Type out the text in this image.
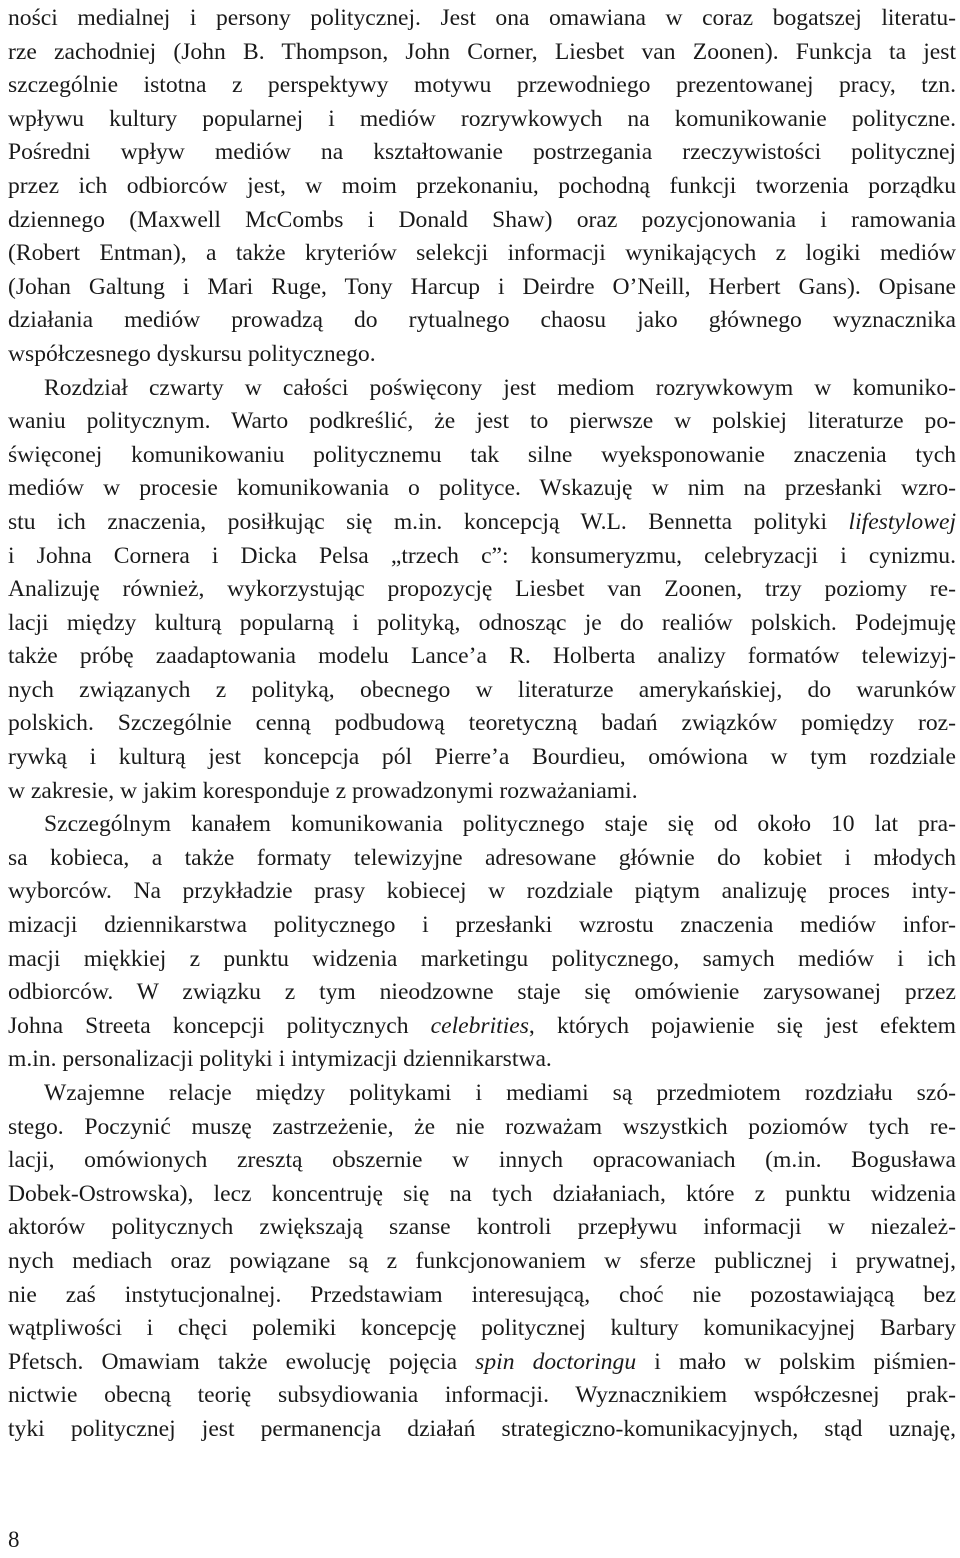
ności medialnej i persony politycznej. Jest ona omawiana w coraz bogatszej literatu-
rze zachodniej (John B. Thompson, John Corner, Liesbet van Zoonen). Funkcja ta jest
szczególnie istotna z perspektywy motywu przewodniego prezentowanej pracy, tzn.
wpływu kultury popularnej i mediów rozrywkowych na komunikowanie polityczne.
Pośredni wpływ mediów na kształtowanie postrzegania rzeczywistości politycznej
przez ich odbiorców jest, w moim przekonaniu, pochodną funkcji tworzenia porządku
dziennego (Maxwell McCombs i Donald Shaw) oraz pozycjonowania i ramowania
(Robert Entman), a także kryteriów selekcji informacji wynikających z logiki mediów
(Johan Galtung i Mari Ruge, Tony Harcup i Deirdre O’Neill, Herbert Gans). Opisane
działania mediów prowadzą do rytualnego chaosu jako głównego wyznacznika
współczesnego dyskursu politycznego.
Rozdział czwarty w całości poświęcony jest mediom rozrywkowym w komuniko-
waniu politycznym. Warto podkreślić, że jest to pierwsze w polskiej literaturze po-
święconej komunikowaniu politycznemu tak silne wyeksponowanie znaczenia tych
mediów w procesie komunikowania o polityce. Wskazuję w nim na przesłanki wzro-
stu ich znaczenia, posiłkując się m.in. koncepcją W.L. Bennetta polityki lifestylowej
i Johna Cornera i Dicka Pelsa „trzech c”: konsumeryzmu, celebryzacji i cynizmu.
Analizuję również, wykorzystując propozycję Liesbet van Zoonen, trzy poziomy re-
lacji między kulturą popularną i polityką, odnosząc je do realiów polskich. Podejmuję
także próbę zaadaptowania modelu Lance’a R. Holberta analizy formatów telewizyj-
nych związanych z polityką, obecnego w literaturze amerykańskiej, do warunków
polskich. Szczególnie cenną podbudową teoretyczną badań związków pomiędzy roz-
rywką i kulturą jest koncepcja pól Pierre’a Bourdieu, omówiona w tym rozdziale
w zakresie, w jakim koresponduje z prowadzonymi rozważaniami.
Szczególnym kanałem komunikowania politycznego staje się od około 10 lat pra-
sa kobieca, a także formaty telewizyjne adresowane głównie do kobiet i młodych
wyborców. Na przykładzie prasy kobiecej w rozdziale piątym analizuję proces inty-
mizacji dziennikarstwa politycznego i przesłanki wzrostu znaczenia mediów infor-
macji miękkiej z punktu widzenia marketingu politycznego, samych mediów i ich
odbiorców. W związku z tym nieodzowne staje się omówienie zarysowanej przez
Johna Streeta koncepcji politycznych celebrities, których pojawienie się jest efektem
m.in. personalizacji polityki i intymizacji dziennikarstwa.
Wzajemne relacje między politykami i mediami są przedmiotem rozdziału szó-
stego. Poczynić muszę zastrzeżenie, że nie rozważam wszystkich poziomów tych re-
lacji, omówionych zresztą obszernie w innych opracowaniach (m.in. Bogusława
Dobek-Ostrowska), lecz koncentruję się na tych działaniach, które z punktu widzenia
aktorów politycznych zwiększają szanse kontroli przepływu informacji w niezależ-
nych mediach oraz powiązane są z funkcjonowaniem w sferze publicznej i prywatnej,
nie zaś instytucjonalnej. Przedstawiam interesującą, choć nie pozostawiającą bez
wątpliwości i chęci polemiki koncepcję politycznej kultury komunikacyjnej Barbary
Pfetsch. Omawiam także ewolucję pojęcia spin doctoringu i mało w polskim piśmien-
nictwie obecną teorię subsydiowania informacji. Wyznacznikiem współczesnej prak-
tyki politycznej jest permanencja działań strategiczno-komunikacyjnych, stąd uznaję,
8
